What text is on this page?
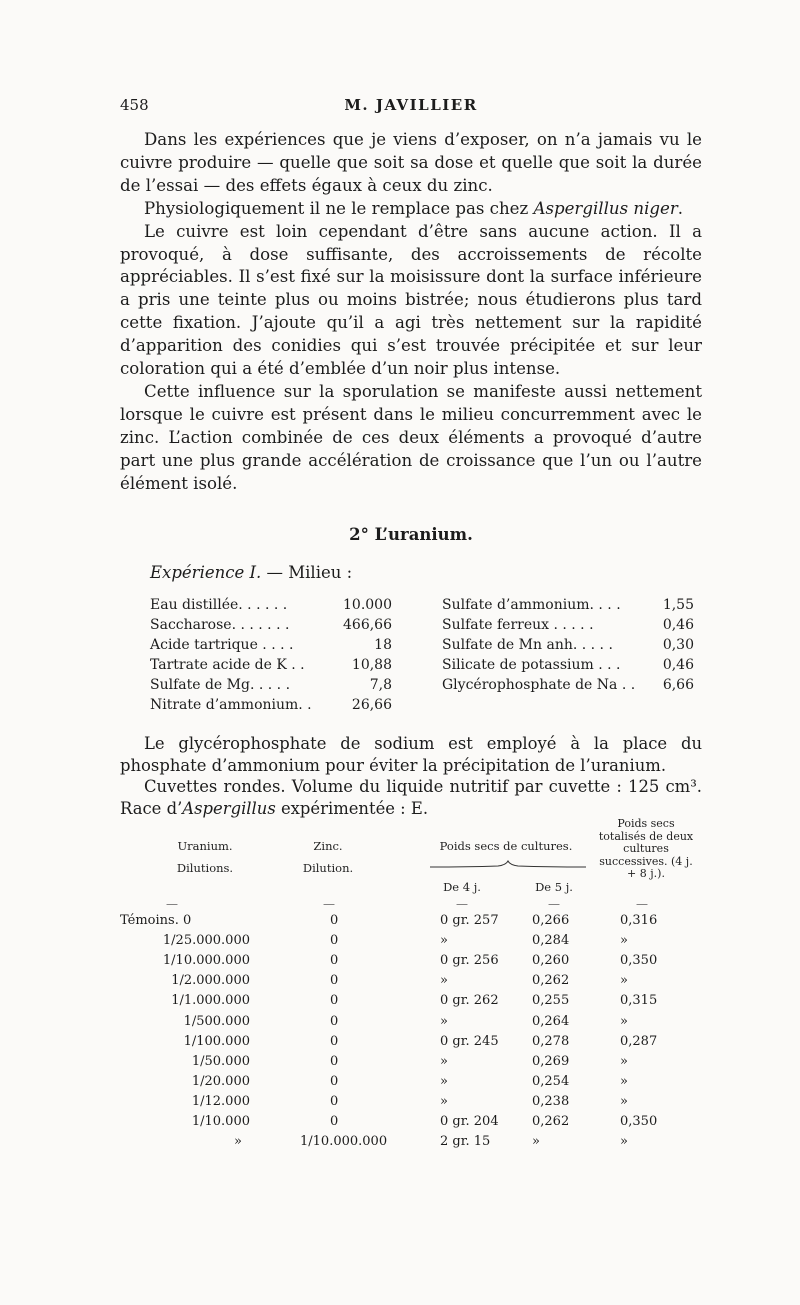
458	M. JAVILLIER

Dans les expériences que je viens d’exposer, on n’a jamais vu le cuivre produire — quelle que soit sa dose et quelle que soit la durée de l’essai — des effets égaux à ceux du zinc.

Physiologiquement il ne le remplace pas chez Aspergillus niger.

Le cuivre est loin cependant d’être sans aucune action. Il a provoqué, à dose suffisante, des accroissements de récolte appréciables. Il s’est fixé sur la moisissure dont la surface inférieure a pris une teinte plus ou moins bistrée; nous étudierons plus tard cette fixation. J’ajoute qu’il a agi très nettement sur la rapidité d’apparition des conidies qui s’est trouvée précipitée et sur leur coloration qui a été d’emblée d’un noir plus intense.

Cette influence sur la sporulation se manifeste aussi nettement lorsque le cuivre est présent dans le milieu concurremment avec le zinc. L’action combinée de ces deux éléments a provoqué d’autre part une plus grande accélération de croissance que l’un ou l’autre élément isolé.

2° L’uranium.
Expérience I. — Milieu :
Eau distillée. . . . . .	10.000
Saccharose. . . . . . .	466,66
Acide tartrique . . . .	18
Tartrate acide de K . .	10,88
Sulfate de Mg. . . . .	7,8
Nitrate d’ammonium. .	26,66
Sulfate d’ammonium. . . .	1,55
Sulfate ferreux . . . . .	0,46
Sulfate de Mn anh. . . . .	0,30
Silicate de potassium . . .	0,46
Glycérophosphate de Na . . 6,66

Le glycérophosphate de sodium est employé à la place du phosphate d’ammonium pour éviter la précipitation de l’uranium.

Cuvettes rondes. Volume du liquide nutritif par cuvette : 125 cm³. Race d’Aspergillus expérimentée : E.

Uranium.
Dilutions.
Zinc.
Dilution.
Poids secs de cultures.
De 4 j.	De 5 j.
Poids secs totalisés de deux cultures successives. (4 j. + 8 j.).
—	—	—	—	—
Témoins. 0	0	0 gr. 257	0,266	0,316
1/25.000.000	0	»	0,284	»
1/10.000.000	0	0 gr. 256	0,260	0,350
1/2.000.000	0	»	0,262	»
1/1.000.000	0	0 gr. 262	0,255	0,315
1/500.000	0	»	0,264	»
1/100.000	0	0 gr. 245	0,278	0,287
1/50.000	0	»	0,269	»
1/20.000	0	»	0,254	»
1/12.000	0	»	0,238	»
1/10.000	0	0 gr. 204	0,262	0,350
»	1/10.000.000	2 gr. 15	»	»
